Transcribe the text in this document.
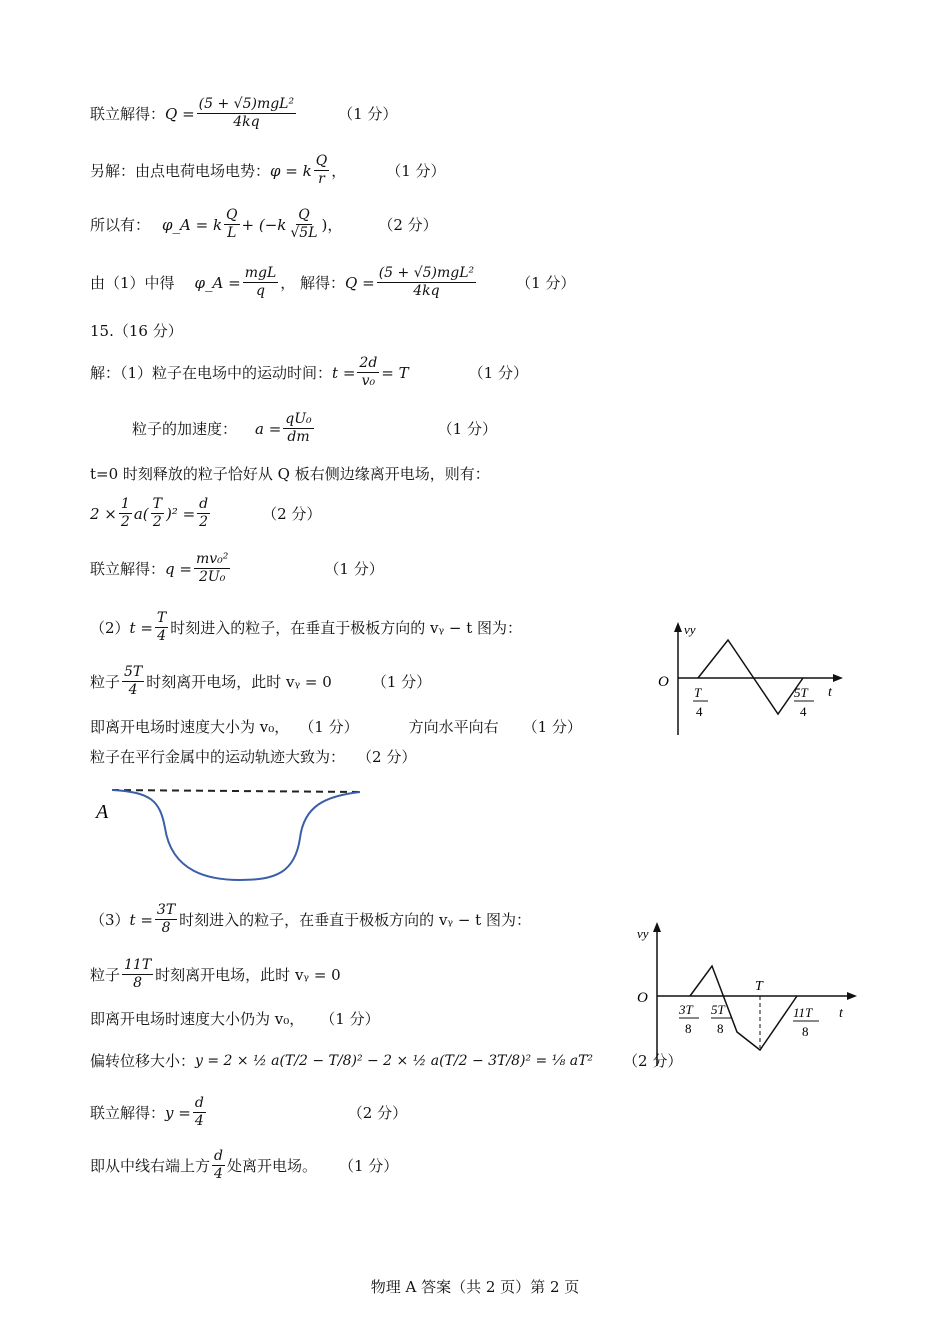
联立解得： $Q = \frac{\text{(5 + √5)mgL²}}{4kq}$	（1 分）
另解：由点电荷电场电势： φ = k $\frac{Q}{r}$ ，	（1 分）
所以有： φ_A = k $\frac{Q}{L} + (-k \frac{Q}{√5L}$ )， （2 分）
由（1）中得 φ_A = $\frac{\text{mgL}}{q}$ ， 解得： $Q = \frac{\text{(5 + √5)mgL²}}{4kq}$	（1 分）
15.（16 分）
解：（1）粒子在电场中的运动时间： $t = \frac{2d}{\text{v₀}} = T$	（1 分）
粒子的加速度： $a = \frac{\text{qU₀}}{dm}$	（1 分）
t=0 时刻释放的粒子恰好从 Q 板右侧边缘离开电场，则有：
$2 \times \frac{1}{2} a( \frac{T}{2} )^2 = \frac{d}{2}$	（2 分）
联立解得： $q = \frac{\text{mv₀²}}{\text{2U₀}}$	（1 分）
（2） $t = \frac{T}{4}$ 时刻进入的粒子，在垂直于极板方向的 vᵧ − t 图为：
粒子 $\frac{5T}{4}$ 时刻离开电场，此时 vᵧ = 0	（1 分）
即离开电场时速度大小为 v₀， （1 分）	方向水平向右 （1 分）
粒子在平行金属中的运动轨迹大致为： （2 分）
A
vy
O
t
T
4
5T
4
（3） $t = \frac{3T}{8}$ 时刻进入的粒子，在垂直于极板方向的 vᵧ − t 图为：
粒子 $\frac{11T}{8}$ 时刻离开电场，此时 vᵧ = 0
即离开电场时速度大小仍为 v₀， （1 分）
偏转位移大小： y = 2 × ½ a(T/2 − T/8)² − 2 × ½ a(T/2 − 3T/8)² = ⅛ aT² （2 分）
联立解得： $y = \frac{d}{4}$	（2 分）
即从中线右端上方 $\frac{d}{4}$ 处离开电场。 （1 分）
vy
O
t
T
3T
8
5T
8
11T
8
物理 A 答案（共 2 页）第 2 页
